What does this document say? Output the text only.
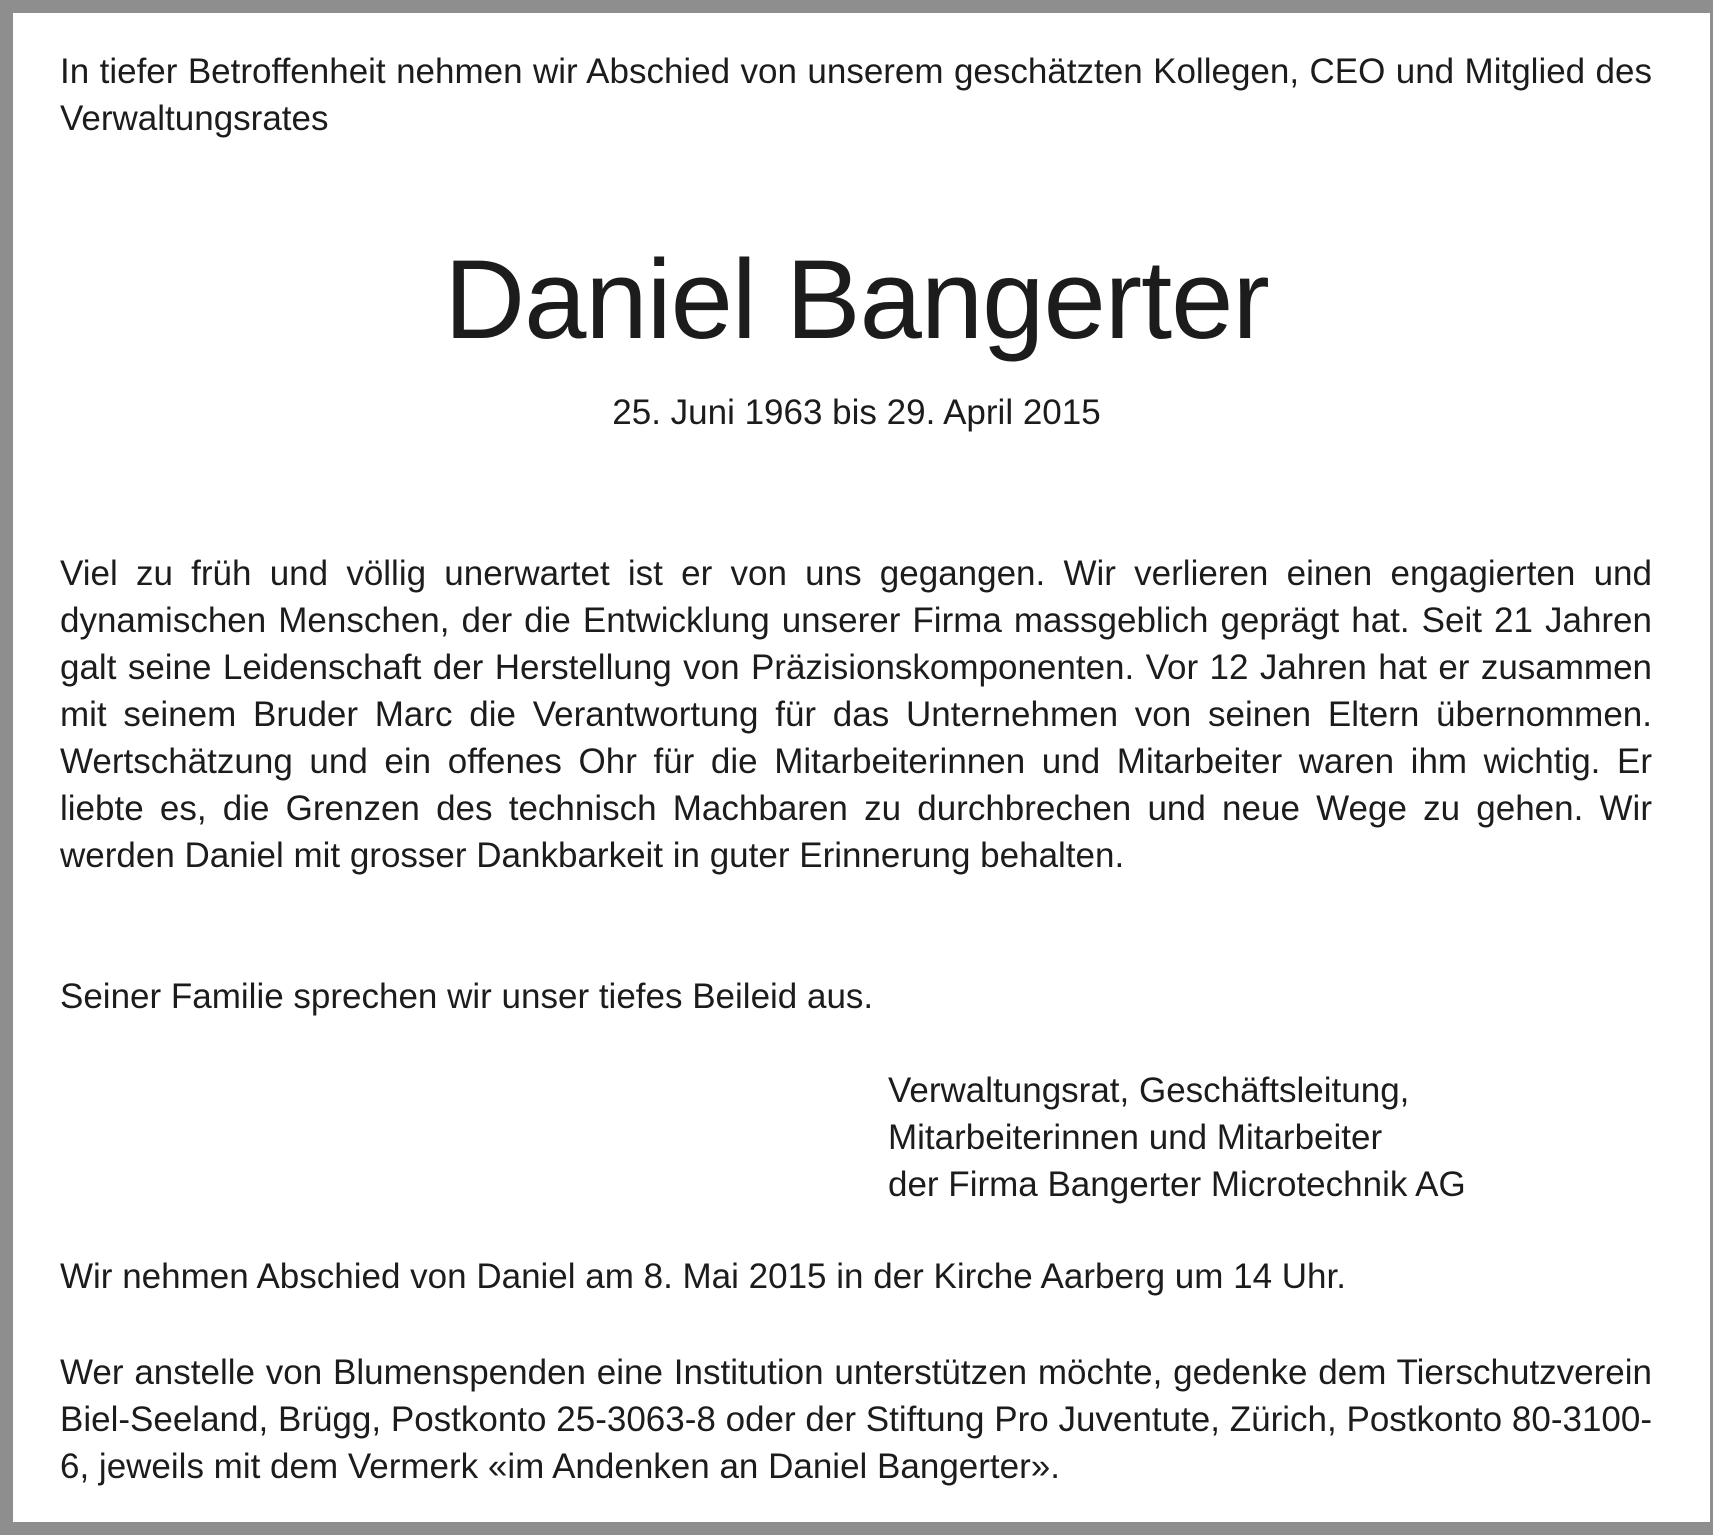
In tiefer Betroffenheit nehmen wir Abschied von unserem geschätzten Kollegen, CEO und Mitglied des Verwaltungsrates

Daniel Bangerter

25. Juni 1963 bis 29. April 2015

Viel zu früh und völlig unerwartet ist er von uns gegangen. Wir verlieren einen engagierten und dynamischen Menschen, der die Entwicklung unserer Firma massgeblich geprägt hat. Seit 21 Jahren galt seine Leidenschaft der Herstellung von Präzisionskomponenten. Vor 12 Jahren hat er zusammen mit seinem Bruder Marc die Verantwortung für das Unternehmen von seinen Eltern übernommen. Wertschätzung und ein offenes Ohr für die Mitarbeiterinnen und Mitarbeiter waren ihm wichtig. Er liebte es, die Grenzen des technisch Machbaren zu durchbrechen und neue Wege zu gehen. Wir werden Daniel mit grosser Dankbarkeit in guter Erinnerung behalten.

Seiner Familie sprechen wir unser tiefes Beileid aus.

Verwaltungsrat, Geschäftsleitung,
Mitarbeiterinnen und Mitarbeiter
der Firma Bangerter Microtechnik AG

Wir nehmen Abschied von Daniel am 8. Mai 2015 in der Kirche Aarberg um 14 Uhr.

Wer anstelle von Blumenspenden eine Institution unterstützen möchte, gedenke dem Tierschutzverein Biel-Seeland, Brügg, Postkonto 25-3063-8 oder der Stiftung Pro Juventute, Zürich, Postkonto 80-3100-6, jeweils mit dem Vermerk «im Andenken an Daniel Bangerter».
